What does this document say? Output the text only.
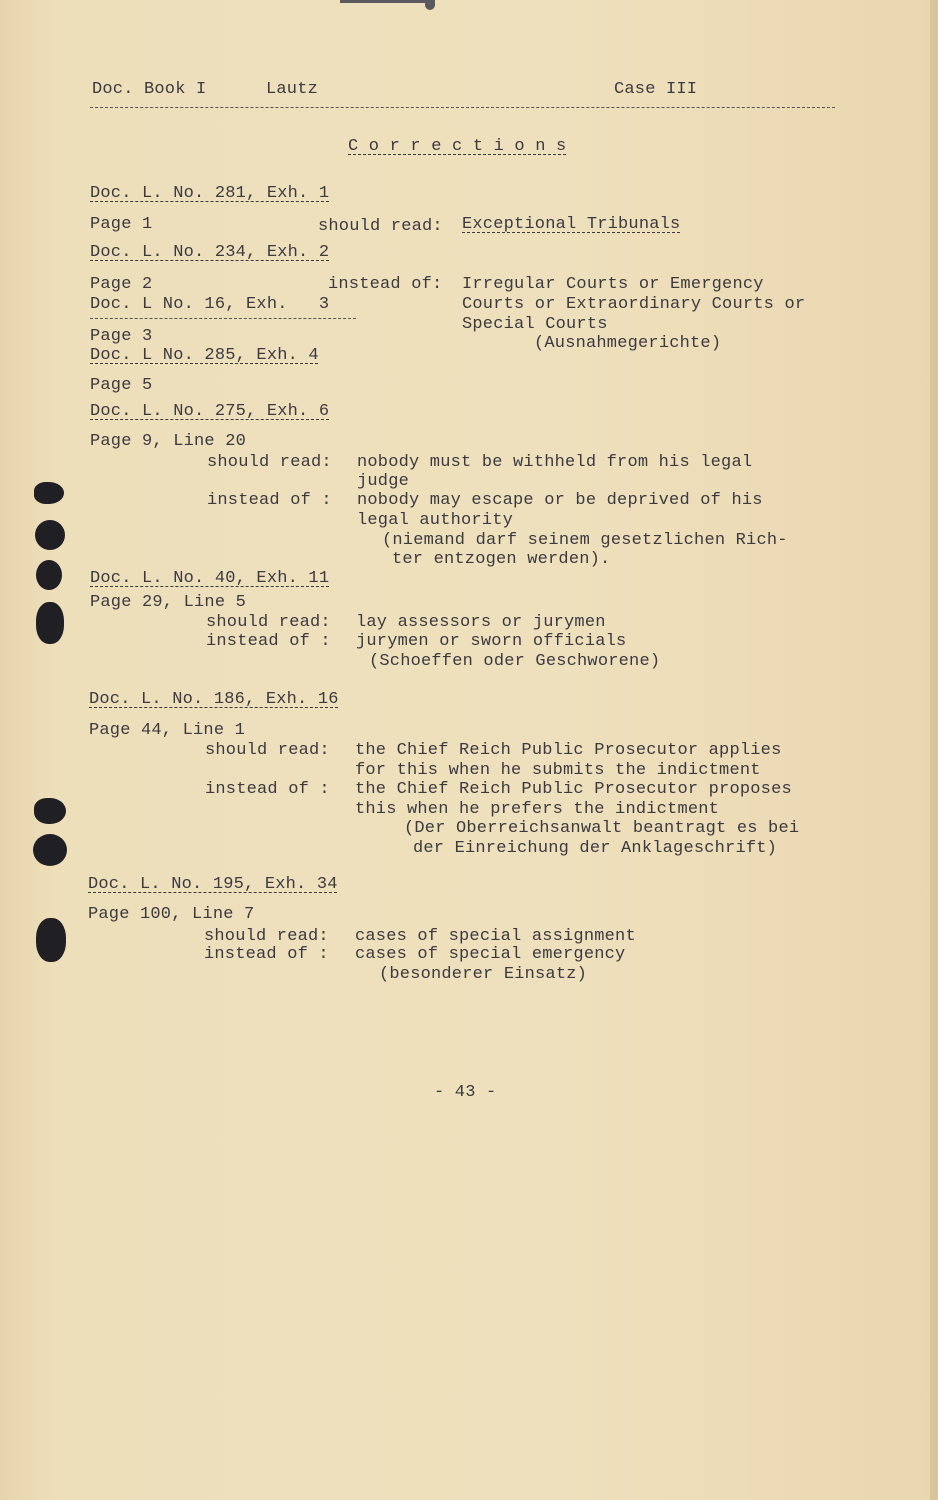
Doc. Book I	Lautz	Case III
C o r r e c t i o n s
Doc. L. No. 281, Exh. 1
Page 1	should read: Exceptional Tribunals
Doc. L. No. 234, Exh. 2
Page 2	instead of: Irregular Courts or Emergency
Courts or Extraordinary Courts or
Special Courts
(Ausnahmegerichte)
Doc. L No. 16, Exh.   3
Page 3
Doc. L No. 285, Exh. 4
Page 5
Doc. L. No. 275, Exh. 6
Page 9, Line 20
should read: nobody must be withheld from his legal
judge
instead of : nobody may escape or be deprived of his
legal authority
(niemand darf seinem gesetzlichen Rich-
ter entzogen werden).
Doc. L. No. 40, Exh. 11
Page 29, Line 5
should read: lay assessors or jurymen
instead of : jurymen or sworn officials
(Schoeffen oder Geschworene)
Doc. L. No. 186, Exh. 16
Page 44, Line 1
should read: the Chief Reich Public Prosecutor applies
for this when he submits the indictment
instead of : the Chief Reich Public Prosecutor proposes
this when he prefers the indictment
(Der Oberreichsanwalt beantragt es bei
der Einreichung der Anklageschrift)
Doc. L. No. 195, Exh. 34
Page 100, Line 7
should read: cases of special assignment
instead of : cases of special emergency
(besonderer Einsatz)
- 43 -
